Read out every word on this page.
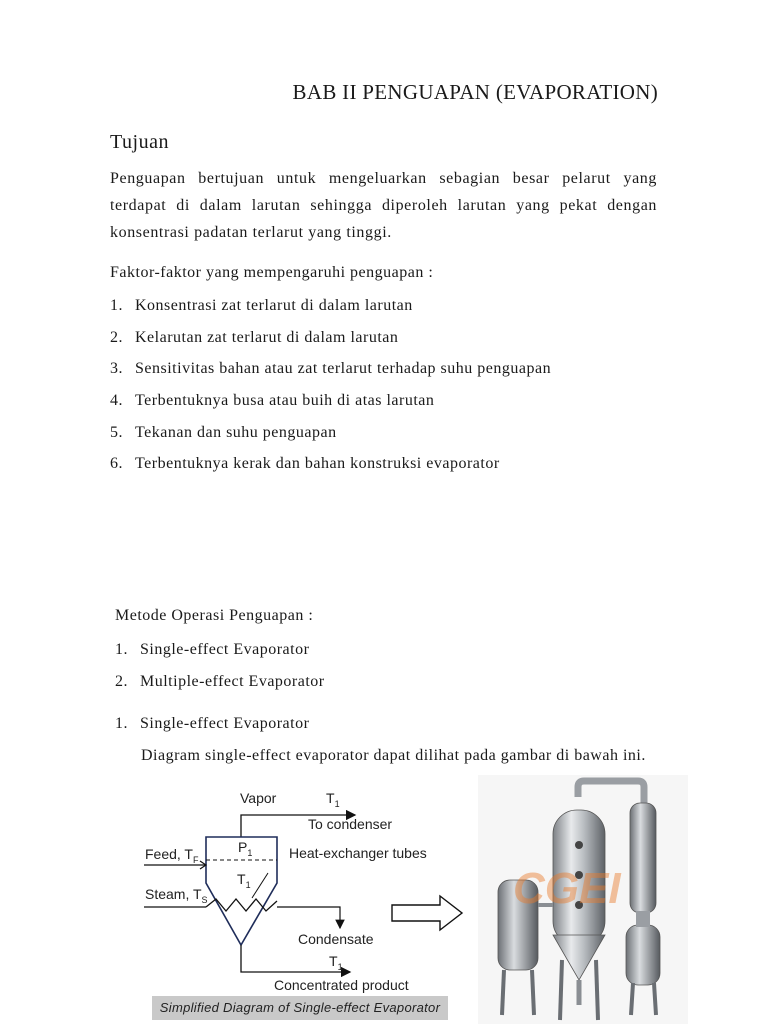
BAB II PENGUAPAN (EVAPORATION)
Tujuan
Penguapan bertujuan untuk mengeluarkan sebagian besar pelarut yang terdapat di dalam larutan sehingga diperoleh larutan yang pekat dengan konsentrasi padatan terlarut yang tinggi.
Faktor-faktor yang mempengaruhi penguapan :
1. Konsentrasi zat terlarut di dalam larutan
2. Kelarutan zat terlarut di dalam larutan
3. Sensitivitas bahan atau zat terlarut terhadap suhu penguapan
4. Terbentuknya busa atau buih di atas larutan
5. Tekanan dan suhu penguapan
6. Terbentuknya kerak dan bahan konstruksi evaporator
Metode Operasi Penguapan :
1. Single-effect Evaporator
2. Multiple-effect Evaporator
1. Single-effect Evaporator
Diagram single-effect evaporator dapat dilihat pada gambar di bawah ini.
Vapor	$T_1$
To condenser
Feed, $T_F$
$P_1$	Heat-exchanger tubes
$T_1$
Steam, $T_S$
Condensate
$T_1$
Concentrated product
Simplified Diagram of Single-effect Evaporator
CGEI
